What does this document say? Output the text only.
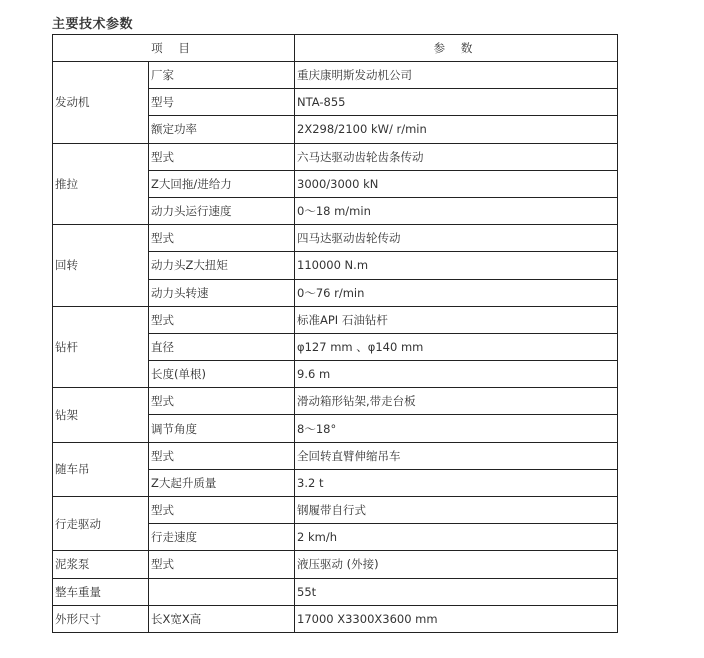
主要技术参数
项 目		参 数
发动机	厂家	重庆康明斯发动机公司
	型号	NTA-855
	额定功率	2X298/2100 kW/ r/min
推拉	型式	六马达驱动齿轮齿条传动
	Ζ大回拖/进给力	3000/3000 kN
	动力头运行速度	0～18 m/min
回转	型式	四马达驱动齿轮传动
	动力头Ζ大扭矩	110000 N.m
	动力头转速	0～76 r/min
钻杆	型式	标准API 石油钻杆
	直径	φ127 mm 、φ140 mm
	长度(单根)	9.6 m
钻架	型式	滑动箱形钻架,带走台板
	调节角度	8～18°
随车吊	型式	全回转直臂伸缩吊车
	Ζ大起升质量	3.2 t
行走驱动	型式	钢履带自行式
	行走速度	2 km/h
泥浆泵	型式	液压驱动 (外接)
整车重量		55t
外形尺寸	长X宽X高	17000 X3300X3600 mm
